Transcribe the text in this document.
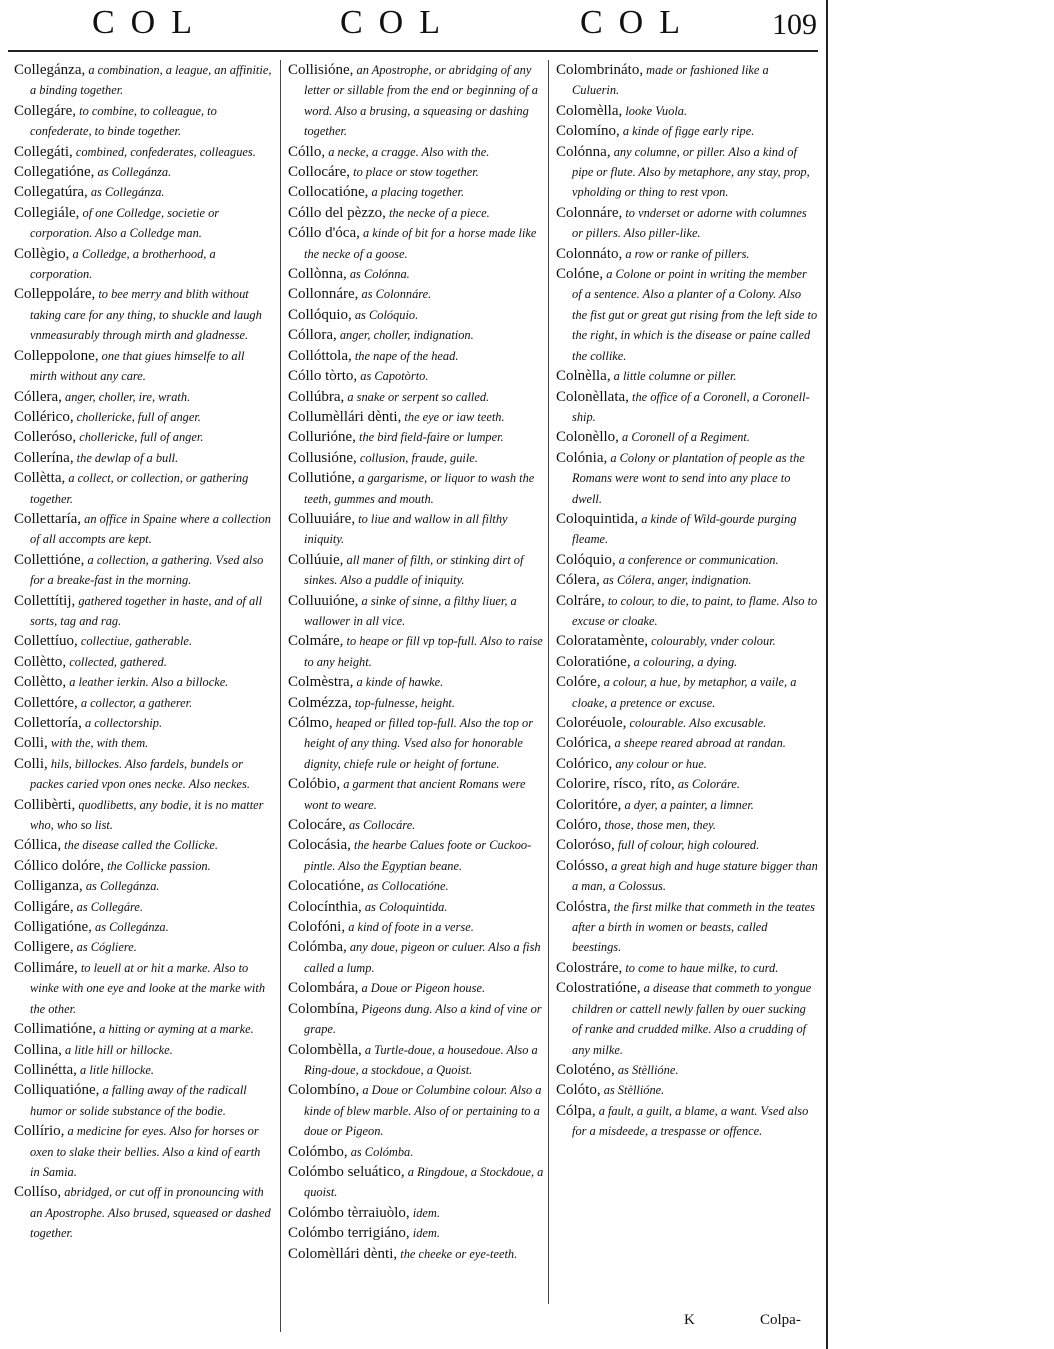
COL	COL	COL	109
Collegánza, a combination, a league, an affinitie, a binding together.
Collegáre, to combine, to colleague, to confederate, to binde together.
Collegáti, combined, confederates, colleagues.
Collegatióne, as Collegánza.
Collegatúra, as Collegánza.
Collegiále, of one Colledge, societie or corporation. Also a Colledge man.
Collègio, a Colledge, a brotherhood, a corporation.
Colleppoláre, to bee merry and blith without taking care for any thing, to shuckle and laugh vnmeasurably through mirth and gladnesse.
Colleppolone, one that giues himselfe to all mirth without any care.
Cóllera, anger, choller, ire, wrath.
Collérico, chollericke, full of anger.
Colleróso, chollericke, full of anger.
Collerína, the dewlap of a bull.
Collètta, a collect, or collection, or gathering together.
Collettaría, an office in Spaine where a collection of all accompts are kept.
Collettióne, a collection, a gathering. Vsed also for a breake-fast in the morning.
Collettítij, gathered together in haste, and of all sorts, tag and rag.
Collettíuo, collectiue, gatherable.
Collètto, collected, gathered.
Collètto, a leather ierkin. Also a billocke.
Collettóre, a collector, a gatherer.
Collettoría, a collectorship.
Colli, with the, with them.
Colli, hils, billockes. Also fardels, bundels or packes caried vpon ones necke. Also neckes.
Collibèrti, quodlibetts, any bodie, it is no matter who, who so list.
Cóllica, the disease called the Collicke.
Cóllico dolóre, the Collicke passion.
Colliganza, as Collegánza.
Colligáre, as Collegáre.
Colligatióne, as Collegánza.
Colligere, as Cógliere.
Collimáre, to leuell at or hit a marke. Also to winke with one eye and looke at the marke with the other.
Collimatióne, a hitting or ayming at a marke.
Collina, a litle hill or hillocke.
Collinétta, a litle hillocke.
Colliquatióne, a falling away of the radicall humor or solide substance of the bodie.
Collírio, a medicine for eyes. Also for horses or oxen to slake their bellies. Also a kind of earth in Samia.
Collíso, abridged, or cut off in pronouncing with an Apostrophe. Also brused, squeased or dashed together.
Collisióne, an Apostrophe, or abridging of any letter or sillable from the end or beginning of a word. Also a brusing, a squeasing or dashing together.
Cóllo, a necke, a cragge. Also with the.
Collocáre, to place or stow together.
Collocatióne, a placing together.
Cóllo del pèzzo, the necke of a piece.
Cóllo d'óca, a kinde of bit for a horse made like the necke of a goose.
Collònna, as Colónna.
Collonnáre, as Colonnáre.
Collóquio, as Colóquio.
Cóllora, anger, choller, indignation.
Collóttola, the nape of the head.
Cóllo tòrto, as Capotòrto.
Collúbra, a snake or serpent so called.
Collumèllári dènti, the eye or iaw teeth.
Collurióne, the bird field-faire or lumper.
Collusióne, collusion, fraude, guile.
Collutióne, a gargarisme, or liquor to wash the teeth, gummes and mouth.
Colluuiáre, to liue and wallow in all filthy iniquity.
Collúuie, all maner of filth, or stinking dirt of sinkes. Also a puddle of iniquity.
Colluuióne, a sinke of sinne, a filthy liuer, a wallower in all vice.
Colmáre, to heape or fill vp top-full. Also to raise to any height.
Colmèstra, a kinde of hawke.
Colmézza, top-fulnesse, height.
Cólmo, heaped or filled top-full. Also the top or height of any thing. Vsed also for honorable dignity, chiefe rule or height of fortune.
Colóbio, a garment that ancient Romans were wont to weare.
Colocáre, as Collocáre.
Colocásia, the hearbe Calues foote or Cuckoo-pintle. Also the Egyptian beane.
Colocatióne, as Collocatióne.
Colocínthia, as Coloquintida.
Colofóni, a kind of foote in a verse.
Colómba, any doue, pigeon or culuer. Also a fish called a lump.
Colombára, a Doue or Pigeon house.
Colombína, Pigeons dung. Also a kind of vine or grape.
Colombèlla, a Turtle-doue, a housedoue. Also a Ring-doue, a stockdoue, a Quoist.
Colombíno, a Doue or Columbine colour. Also a kinde of blew marble. Also of or pertaining to a doue or Pigeon.
Colómbo, as Colómba.
Colómbo seluático, a Ringdoue, a Stockdoue, a quoist.
Colómbo tèrraiuòlo, idem.
Colómbo terrigiáno, idem.
Colomèllári dènti, the cheeke or eye-teeth.
Colombrináto, made or fashioned like a Culuerin.
Colomèlla, looke Vuola.
Colomíno, a kinde of figge early ripe.
Colónna, any columne, or piller. Also a kind of pipe or flute. Also by metaphore, any stay, prop, vpholding or thing to rest vpon.
Colonnáre, to vnderset or adorne with columnes or pillers. Also piller-like.
Colonnáto, a row or ranke of pillers.
Colóne, a Colone or point in writing the member of a sentence. Also a planter of a Colony. Also the fist gut or great gut rising from the left side to the right, in which is the disease or paine called the collike.
Colnèlla, a little columne or piller.
Colonèllata, the office of a Coronell, a Coronell-ship.
Colonèllo, a Coronell of a Regiment.
Colónia, a Colony or plantation of people as the Romans were wont to send into any place to dwell.
Coloquintida, a kinde of Wild-gourde purging fleame.
Colóquio, a conference or communication.
Cólera, as Cólera, anger, indignation.
Colráre, to colour, to die, to paint, to flame. Also to excuse or cloake.
Coloratamènte, colourably, vnder colour.
Coloratióne, a colouring, a dying.
Colóre, a colour, a hue, by metaphor, a vaile, a cloake, a pretence or excuse.
Coloréuole, colourable. Also excusable.
Colórica, a sheepe reared abroad at randan.
Colórico, any colour or hue.
Colorire, rísco, ríto, as Coloráre.
Coloritóre, a dyer, a painter, a limner.
Colóro, those, those men, they.
Coloróso, full of colour, high coloured.
Colósso, a great high and huge stature bigger than a man, a Colossus.
Colóstra, the first milke that commeth in the teates after a birth in women or beasts, called beestings.
Colostráre, to come to haue milke, to curd.
Colostratióne, a disease that commeth to yongue children or cattell newly fallen by ouer sucking of ranke and crudded milke. Also a crudding of any milke.
Coloténo, as Stèllióne.
Colóto, as Stèllióne.
Cólpa, a fault, a guilt, a blame, a want. Vsed also for a misdeede, a trespasse or offence.
K	Colpa-
